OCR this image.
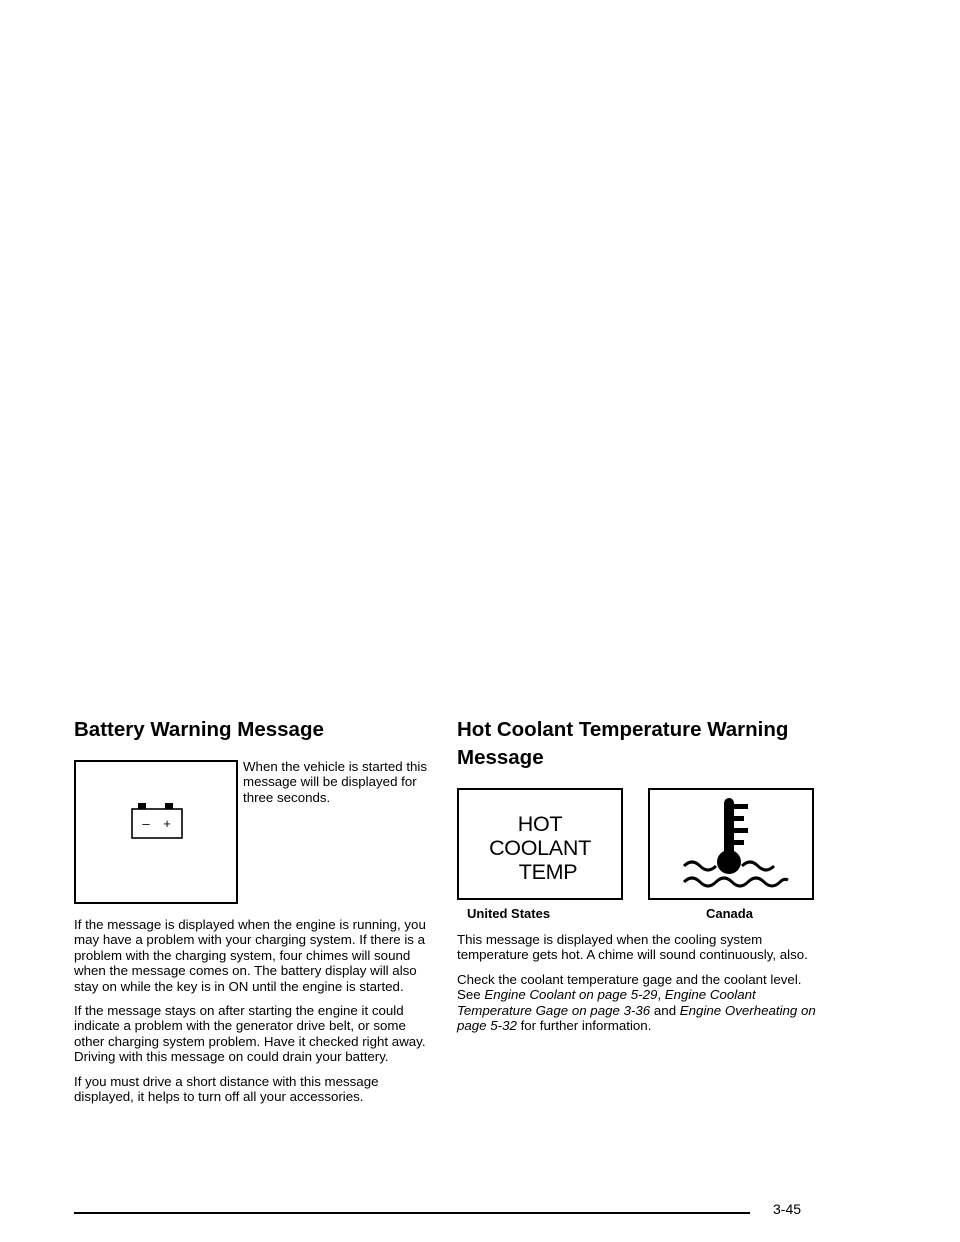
Battery Warning Message
– +
When the vehicle is started this message will be displayed for three seconds.

If the message is displayed when the engine is running, you may have a problem with your charging system. If there is a problem with the charging system, four chimes will sound when the message comes on. The battery display will also stay on while the key is in ON until the engine is started.

If the message stays on after starting the engine it could indicate a problem with the generator drive belt, or some other charging system problem. Have it checked right away. Driving with this message on could drain your battery.

If you must drive a short distance with this message displayed, it helps to turn off all your accessories.

Hot Coolant Temperature Warning
Message
HOT
COOLANT
TEMP
United States	Canada

This message is displayed when the cooling system temperature gets hot. A chime will sound continuously, also.

Check the coolant temperature gage and the coolant level. See Engine Coolant on page 5-29, Engine Coolant Temperature Gage on page 3-36 and Engine Overheating on page 5-32 for further information.

3-45
